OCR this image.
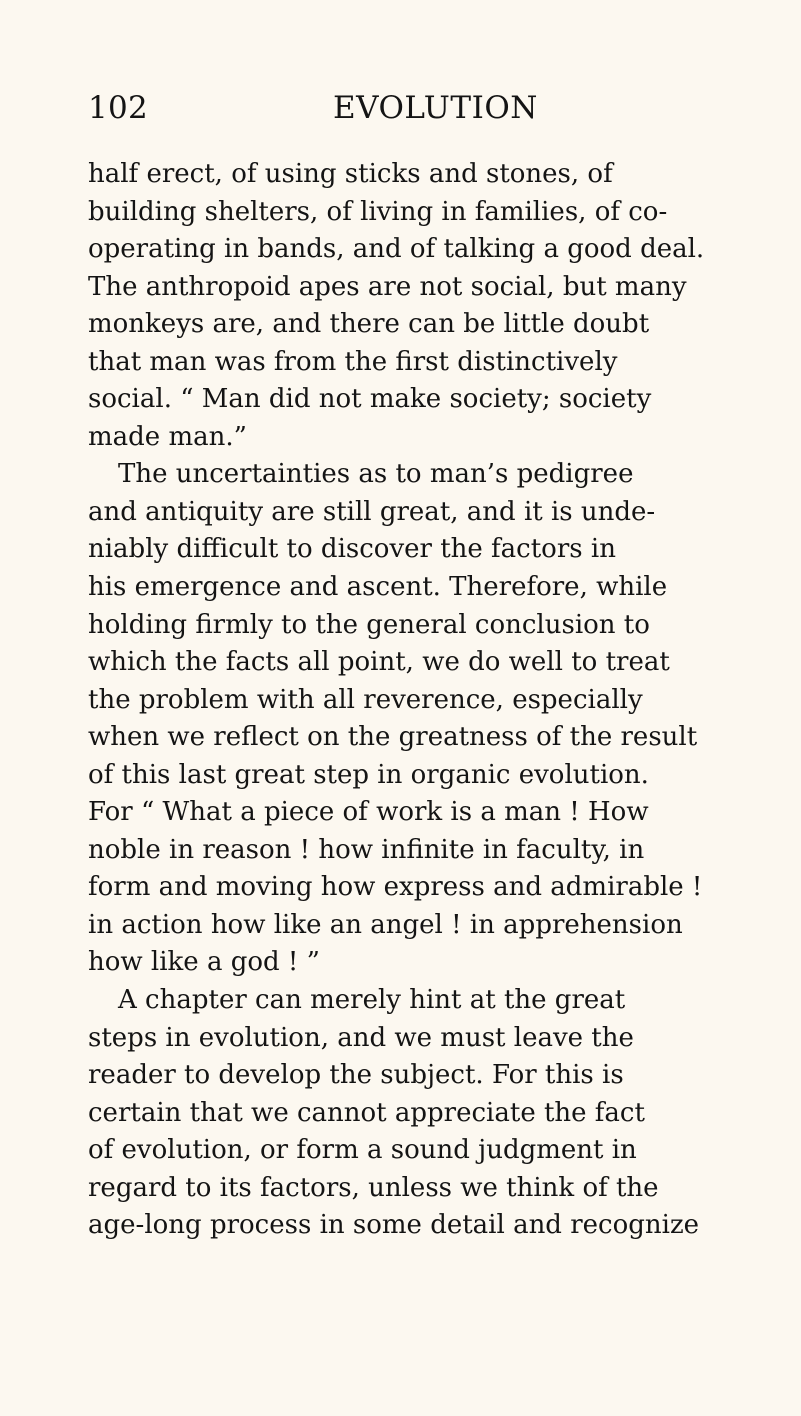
102	EVOLUTION
half erect, of using sticks and stones, of
building shelters, of living in families, of co-
operating in bands, and of talking a good deal.
The anthropoid apes are not social, but many
monkeys are, and there can be little doubt
that man was from the first distinctively
social. “ Man did not make society; society
made man.”
The uncertainties as to man’s pedigree
and antiquity are still great, and it is unde-
niably difficult to discover the factors in
his emergence and ascent. Therefore, while
holding firmly to the general conclusion to
which the facts all point, we do well to treat
the problem with all reverence, especially
when we reflect on the greatness of the result
of this last great step in organic evolution.
For “ What a piece of work is a man ! How
noble in reason ! how infinite in faculty, in
form and moving how express and admirable !
in action how like an angel ! in apprehension
how like a god ! ”
A chapter can merely hint at the great
steps in evolution, and we must leave the
reader to develop the subject. For this is
certain that we cannot appreciate the fact
of evolution, or form a sound judgment in
regard to its factors, unless we think of the
age-long process in some detail and recognize
